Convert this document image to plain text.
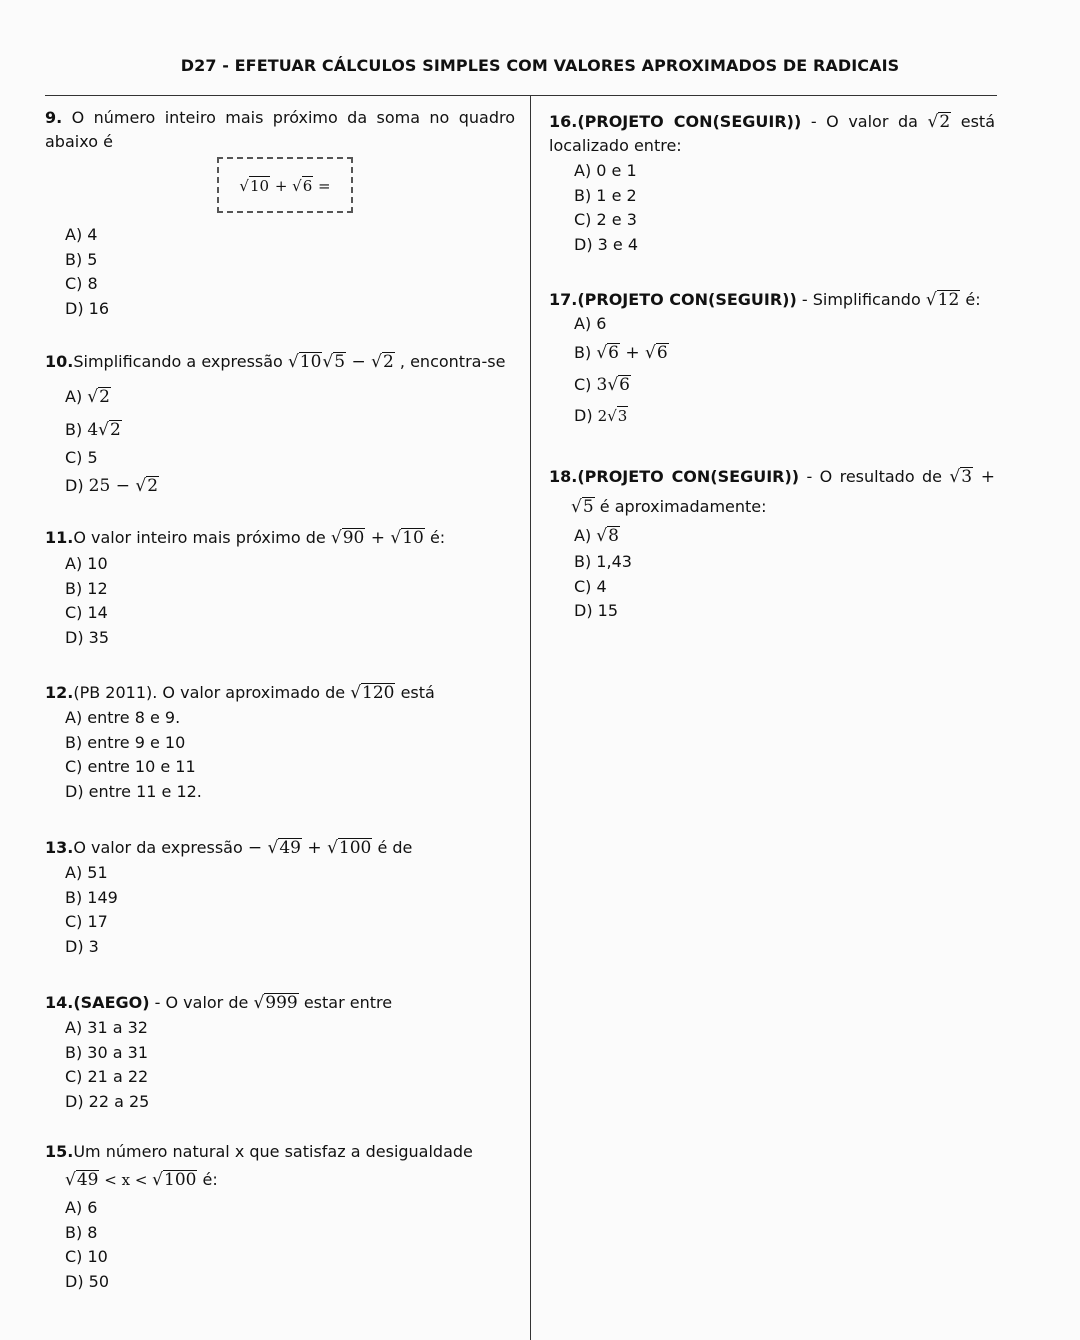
D27 - EFETUAR CÁLCULOS SIMPLES COM VALORES APROXIMADOS DE RADICAIS
9. O número inteiro mais próximo da soma no quadro abaixo é
√10 + √6 =
A) 4
B) 5
C) 8
D) 16
10.Simplificando a expressão √10√5 − √2 , encontra-se
A) √2
B) 4√2
C) 5
D) 25 − √2
11.O valor inteiro mais próximo de √90 + √10 é:
A) 10
B) 12
C) 14
D) 35
12.(PB 2011). O valor aproximado de √120 está
A) entre 8 e 9.
B) entre 9 e 10
C) entre 10 e 11
D) entre 11 e 12.
13.O valor da expressão − √49 + √100 é de
A) 51
B) 149
C) 17
D) 3
14.(SAEGO) - O valor de √999 estar entre
A) 31 a 32
B) 30 a 31
C) 21 a 22
D) 22 a 25
15.Um número natural x que satisfaz a desigualdade
√49 < x < √100 é:
A) 6
B) 8
C) 10
D) 50
16.(PROJETO CON(SEGUIR)) - O valor da √2 está localizado entre:
A) 0 e 1
B) 1 e 2
C) 2 e 3
D) 3 e 4
17.(PROJETO CON(SEGUIR)) - Simplificando √12 é:
A) 6
B) √6 + √6
C) 3√6
D) 2√3
18.(PROJETO CON(SEGUIR)) - O resultado de √3 + √5 é aproximadamente:
A) √8
B) 1,43
C) 4
D) 15
